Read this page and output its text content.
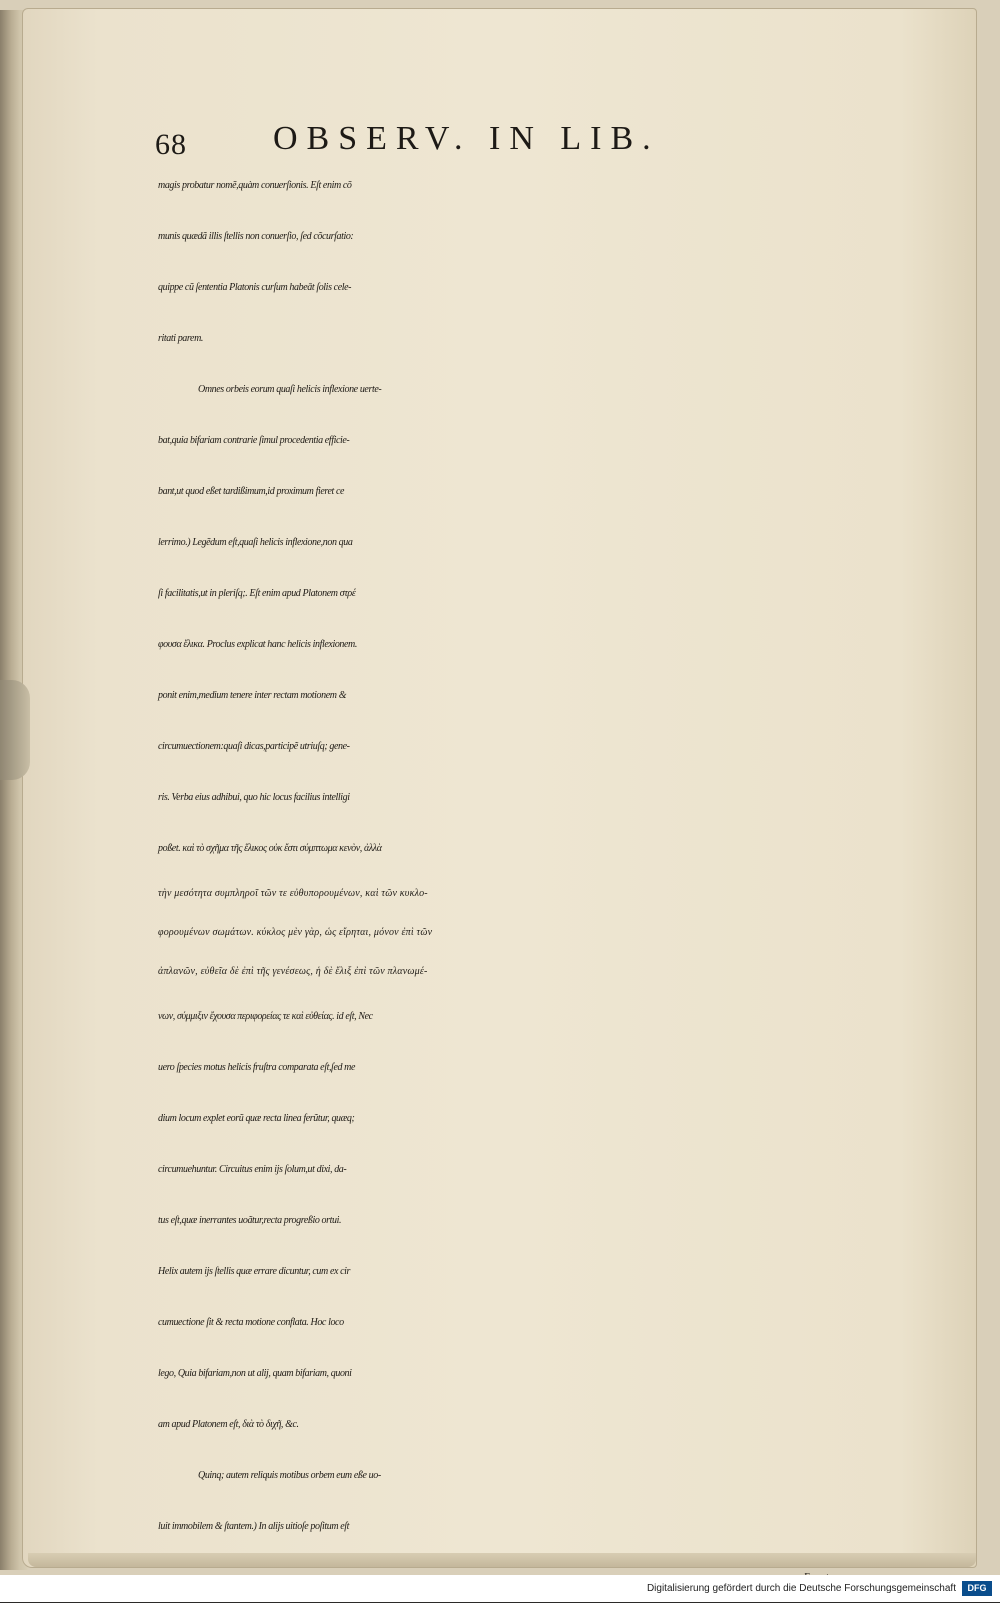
68	OBSERV. IN LIB.
magis probatur nomẽ,quàm conuerſionis. Eſt enim cõ
munis quædã illis ſtellis non conuerſio, ſed cõcurſatio:
quippe cũ ſententia Platonis curſum habeāt ſolis cele-
ritati parem.
Omnes orbeis eorum quaſi helicis inflexione uerte-
bat,quia bifariam contrarie ſimul procedentia efficie-
bant,ut quod eßet tardißimum,id proximum fieret ce
lerrimo.) Legẽdum eſt,quaſi helicis inflexione,non qua
ſi facilitatis,ut in pleriſq;. Eſt enim apud Platonem στρέ
φουσα ἕλικα. Proclus explicat hanc helicis inflexionem.
ponit enim,medium tenere inter rectam motionem &
circumuectionem:quaſi dicas,participẽ utriuſq; gene-
ris. Verba eius adhibui, quo hic locus facilius intelligi
poßet. καὶ τὸ σχῆμα τῆς ἕλικος οὐκ ἔστι σύμπτωμα κενὸν, ἀλλὰ
τὴν μεσότητα συμπληροῖ τῶν τε εὐθυπορουμένων, καὶ τῶν κυκλο-
φορουμένων σωμάτων. κύκλος μὲν γὰρ, ὡς εἴρηται, μόνον ἐπὶ τῶν
ἀπλανῶν, εὐθεῖα δὲ ἐπὶ τῆς γενέσεως, ἡ δὲ ἕλιξ ἐπὶ τῶν πλανωμέ-
νων, σύμμιξιν ἔχουσα περιφορείας τε καὶ εὐθείας. id eſt, Nec
uero ſpecies motus helicis fruſtra comparata eſt,ſed me
dium locum explet eorũ quæ recta linea ferũtur, quæq;
circumuehuntur. Circuitus enim ijs ſolum,ut dixi, da-
tus eſt,quæ inerrantes uoãtur,recta progreßio ortui.
Helix autem ijs ſtellis quæ errare dicuntur, cum ex cir
cumuectione ſit & recta motione conflata. Hoc loco
lego, Quia bifariam,non ut alij, quam bifariam, quoni
am apud Platonem eſt, διὰ τὸ διχῆ, &c.
Quinq; autem reliquis motibus orbem eum eße uo-
luit immobilem & ſtantem.) In alijs uitioſe poſitum eſt
Digitalisierung gefördert durch die Deutsche Forschungsgemeinschaft	DFG
